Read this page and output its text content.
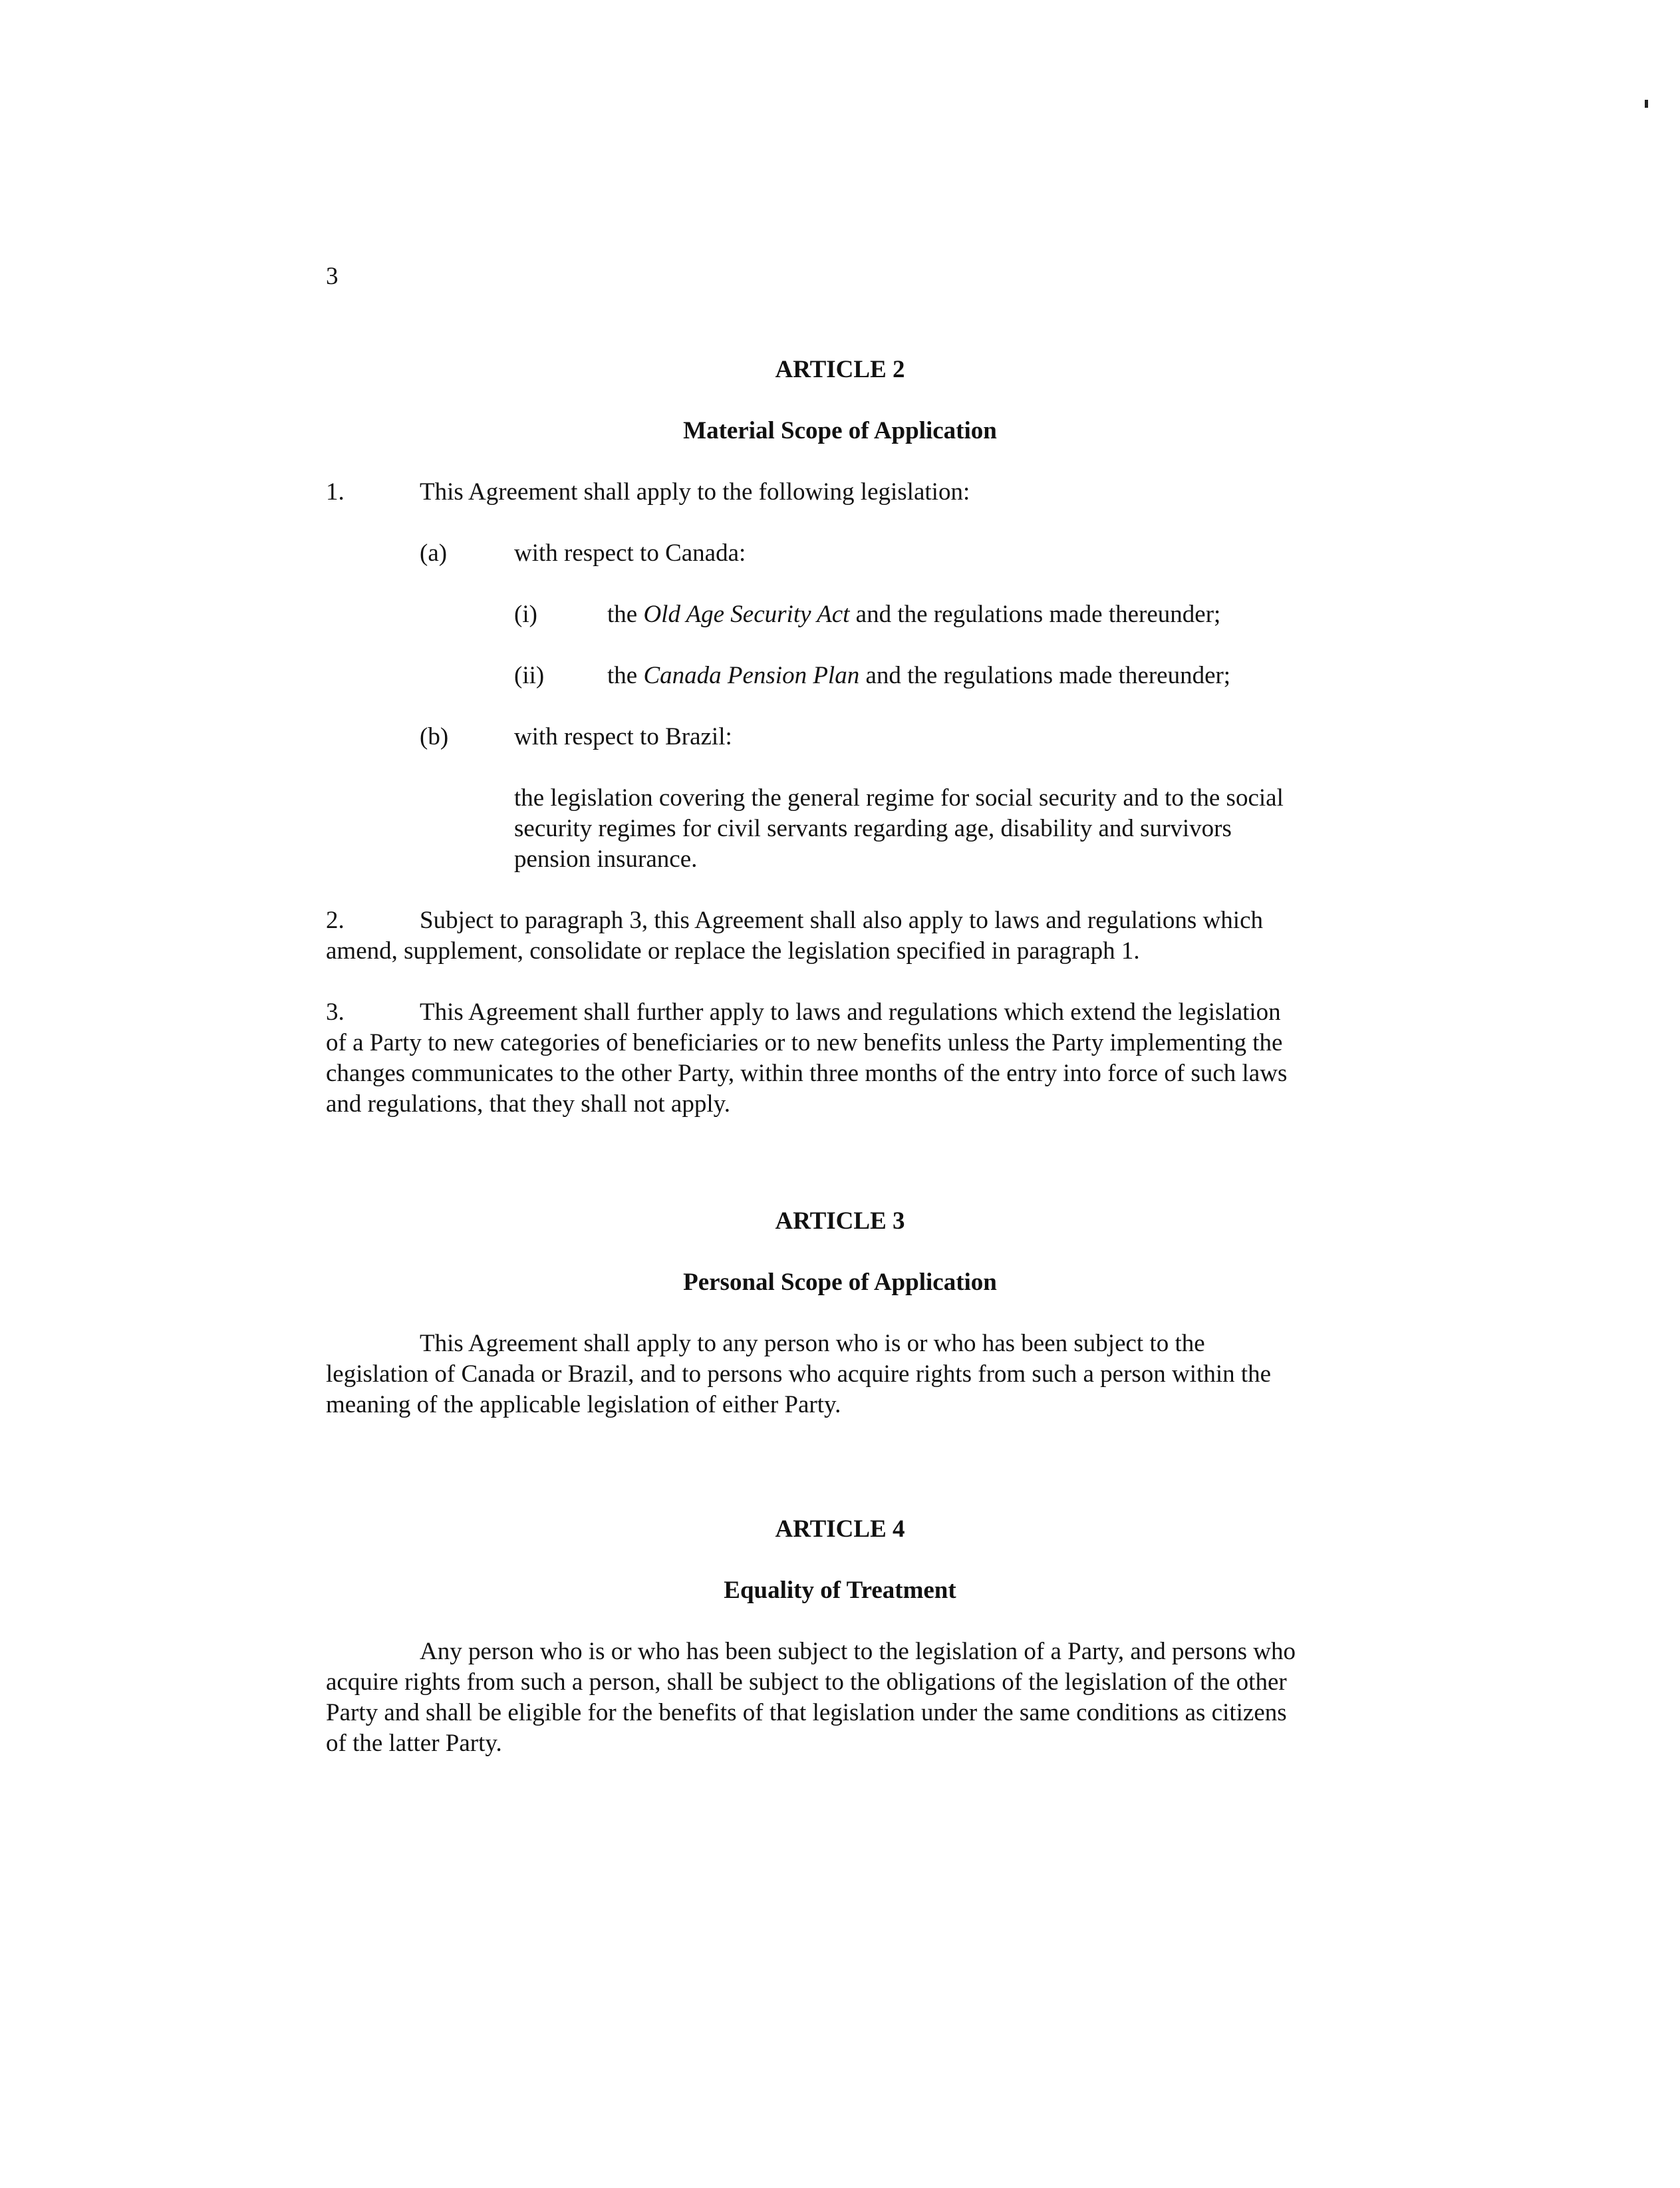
3
ARTICLE 2
Material Scope of Application
1.	This Agreement shall apply to the following legislation:
(a)	with respect to Canada:
(i)	the Old Age Security Act and the regulations made thereunder;
(ii)	the Canada Pension Plan and the regulations made thereunder;
(b)	with respect to Brazil:
the legislation covering the general regime for social security and to the social
security regimes for civil servants regarding age, disability and survivors
pension insurance.
2.	Subject to paragraph 3, this Agreement shall also apply to laws and regulations which
amend, supplement, consolidate or replace the legislation specified in paragraph 1.
3.	This Agreement shall further apply to laws and regulations which extend the legislation
of a Party to new categories of beneficiaries or to new benefits unless the Party implementing the
changes communicates to the other Party, within three months of the entry into force of such laws
and regulations, that they shall not apply.
ARTICLE 3
Personal Scope of Application
This Agreement shall apply to any person who is or who has been subject to the
legislation of Canada or Brazil, and to persons who acquire rights from such a person within the
meaning of the applicable legislation of either Party.
ARTICLE 4
Equality of Treatment
Any person who is or who has been subject to the legislation of a Party, and persons who
acquire rights from such a person, shall be subject to the obligations of the legislation of the other
Party and shall be eligible for the benefits of that legislation under the same conditions as citizens
of the latter Party.
